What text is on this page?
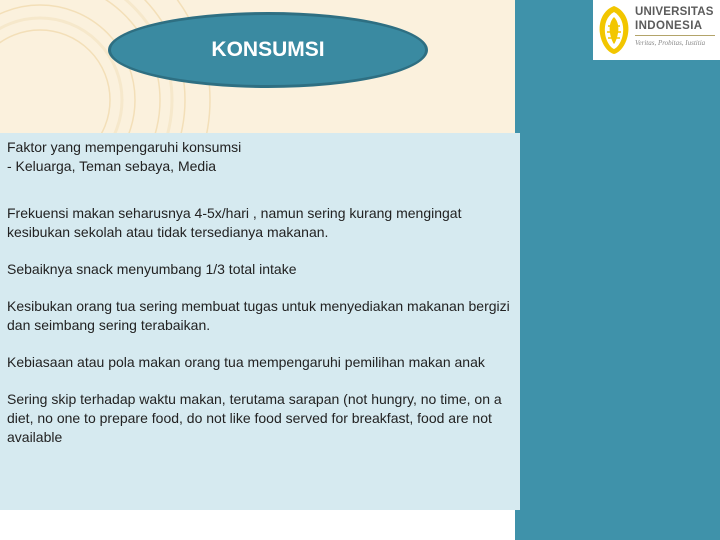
UNIVERSITAS
INDONESIA
Veritas, Probitas, Iustitia
KONSUMSI

Faktor yang mempengaruhi konsumsi
- Keluarga, Teman sebaya, Media

Frekuensi makan seharusnya 4-5x/hari , namun sering kurang mengingat kesibukan sekolah atau tidak tersedianya makanan.

Sebaiknya snack menyumbang 1/3 total intake

Kesibukan orang tua sering membuat tugas untuk menyediakan makanan bergizi dan seimbang sering terabaikan.

Kebiasaan atau pola makan orang tua mempengaruhi pemilihan makan anak

Sering skip terhadap waktu makan, terutama sarapan (not hungry, no time, on a diet, no one to prepare food, do not like food served for breakfast, food are not available
